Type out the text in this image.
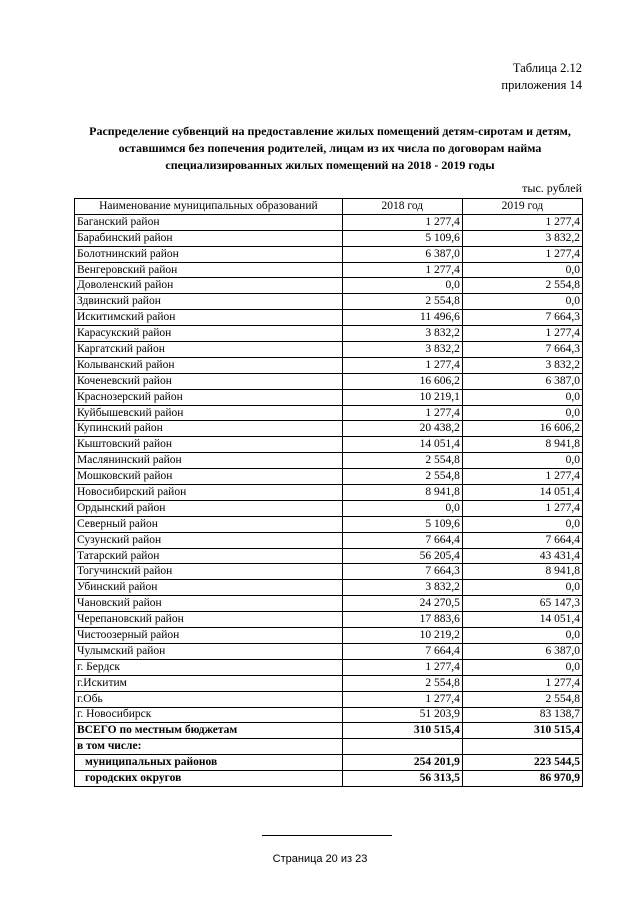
Таблица 2.12
приложения 14
Распределение субвенций на предоставление жилых помещений детям-сиротам и детям,
оставшимся без попечения родителей, лицам из их числа по договорам найма
специализированных жилых помещений на 2018 - 2019 годы
тыс. рублей
Наименование муниципальных образований	2018 год	2019 год
Баганский район	1 277,4	1 277,4
Барабинский район	5 109,6	3 832,2
Болотнинский район	6 387,0	1 277,4
Венгеровский район	1 277,4	0,0
Доволенский район	0,0	2 554,8
Здвинский район	2 554,8	0,0
Искитимский район	11 496,6	7 664,3
Карасукский район	3 832,2	1 277,4
Каргатский район	3 832,2	7 664,3
Колыванский район	1 277,4	3 832,2
Коченевский район	16 606,2	6 387,0
Краснозерский район	10 219,1	0,0
Куйбышевский район	1 277,4	0,0
Купинский район	20 438,2	16 606,2
Кыштовский район	14 051,4	8 941,8
Маслянинский район	2 554,8	0,0
Мошковский район	2 554,8	1 277,4
Новосибирский район	8 941,8	14 051,4
Ордынский район	0,0	1 277,4
Северный район	5 109,6	0,0
Сузунский район	7 664,4	7 664,4
Татарский район	56 205,4	43 431,4
Тогучинский район	7 664,3	8 941,8
Убинский район	3 832,2	0,0
Чановский район	24 270,5	65 147,3
Черепановский район	17 883,6	14 051,4
Чистоозерный район	10 219,2	0,0
Чулымский район	7 664,4	6 387,0
г. Бердск	1 277,4	0,0
г.Искитим	2 554,8	1 277,4
г.Обь	1 277,4	2 554,8
г. Новосибирск	51 203,9	83 138,7
ВСЕГО по местным бюджетам	310 515,4	310 515,4
в том числе:		
муниципальных районов	254 201,9	223 544,5
городских округов	56 313,5	86 970,9
Страница 20 из 23
